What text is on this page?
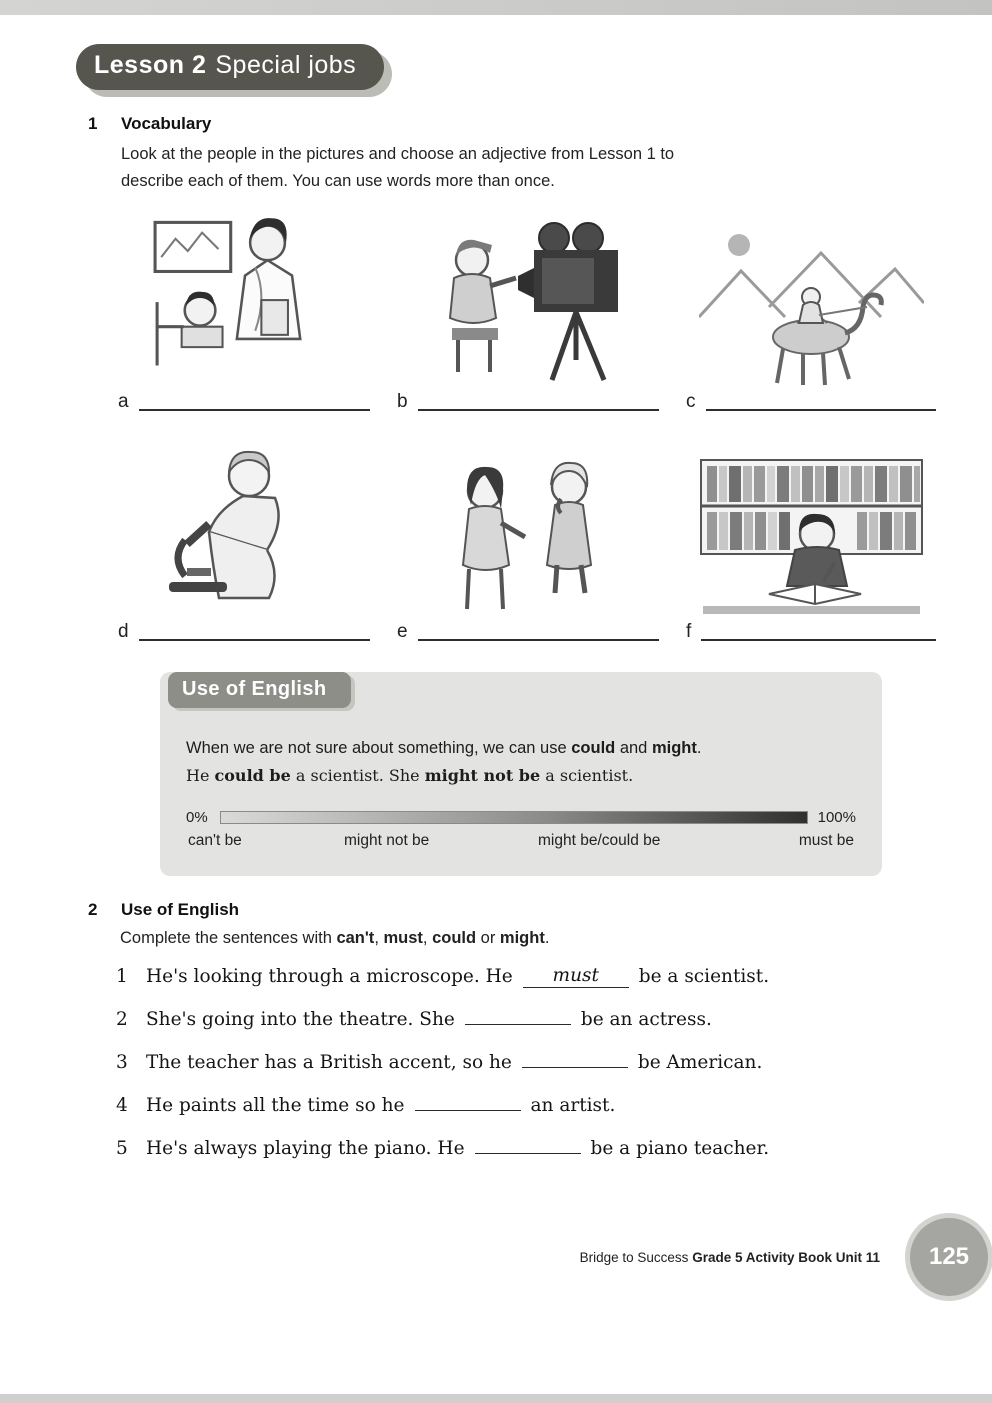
Lesson 2 Special jobs
1 Vocabulary

Look at the people in the pictures and choose an adjective from Lesson 1 to
describe each of them. You can use words more than once.

a	b	c
d	e	f
Use of English

When we are not sure about something, we can use could and might.

He could be a scientist. She might not be a scientist.

0%	100%
can't be	might not be	might be/could be	must be
2 Use of English

Complete the sentences with can't, must, could or might.

1 He's looking through a microscope. He	must	be a scientist.
2 She's going into the theatre. She	be an actress.
3 The teacher has a British accent, so he	be American.
4 He paints all the time so he	an artist.
5 He's always playing the piano. He	be a piano teacher.
Bridge to Success Grade 5 Activity Book Unit 11 125
